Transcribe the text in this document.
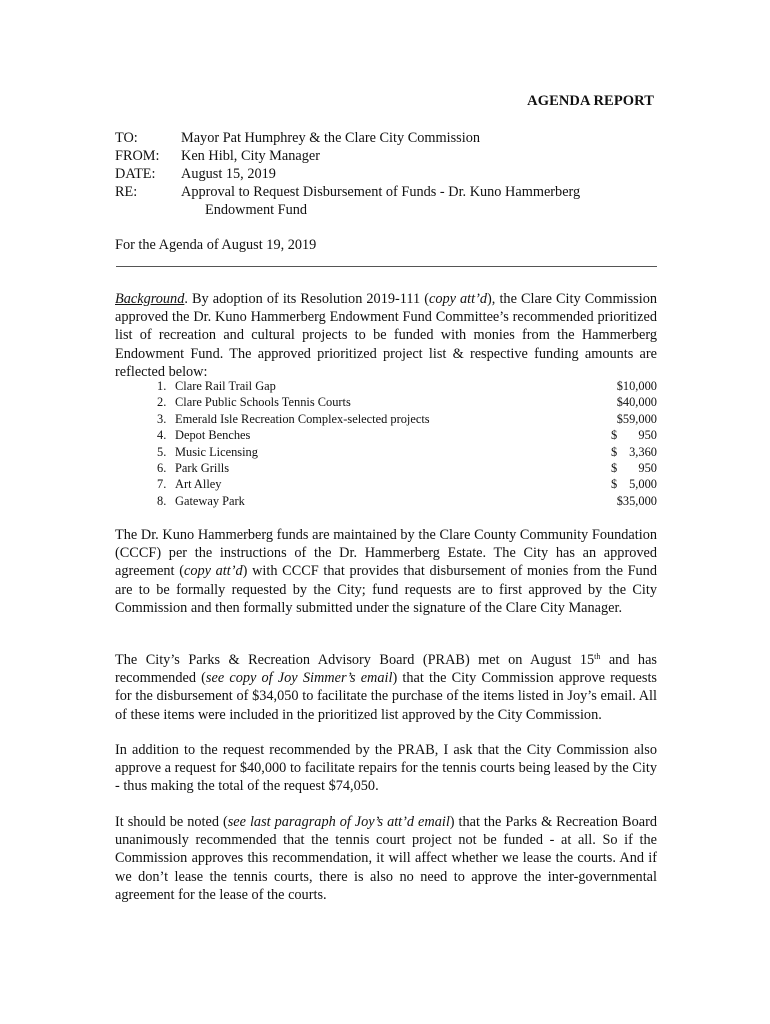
AGENDA REPORT
TO:	Mayor Pat Humphrey & the Clare City Commission
FROM:	Ken Hibl, City Manager
DATE:	August 15, 2019
RE:	Approval to Request Disbursement of Funds - Dr. Kuno Hammerberg
Endowment Fund
For the Agenda of August 19, 2019

Background. By adoption of its Resolution 2019-111 (copy att’d), the Clare City Commission approved the Dr. Kuno Hammerberg Endowment Fund Committee’s recommended prioritized list of recreation and cultural projects to be funded with monies from the Hammerberg Endowment Fund. The approved prioritized project list & respective funding amounts are reflected below:

1. Clare Rail Trail Gap	$10,000
2. Clare Public Schools Tennis Courts	$40,000
3. Emerald Isle Recreation Complex-selected projects	$59,000
4. Depot Benches	$ 950
5. Music Licensing	$ 3,360
6. Park Grills	$ 950
7. Art Alley	$ 5,000
8. Gateway Park	$35,000

The Dr. Kuno Hammerberg funds are maintained by the Clare County Community Foundation (CCCF) per the instructions of the Dr. Hammerberg Estate. The City has an approved agreement (copy att’d) with CCCF that provides that disbursement of monies from the Fund are to be formally requested by the City; fund requests are to first approved by the City Commission and then formally submitted under the signature of the Clare City Manager.

The City’s Parks & Recreation Advisory Board (PRAB) met on August 15th and has recommended (see copy of Joy Simmer’s email) that the City Commission approve requests for the disbursement of $34,050 to facilitate the purchase of the items listed in Joy’s email. All of these items were included in the prioritized list approved by the City Commission.

In addition to the request recommended by the PRAB, I ask that the City Commission also approve a request for $40,000 to facilitate repairs for the tennis courts being leased by the City - thus making the total of the request $74,050.

It should be noted (see last paragraph of Joy’s att’d email) that the Parks & Recreation Board unanimously recommended that the tennis court project not be funded - at all. So if the Commission approves this recommendation, it will affect whether we lease the courts. And if we don’t lease the tennis courts, there is also no need to approve the inter-governmental agreement for the lease of the courts.
